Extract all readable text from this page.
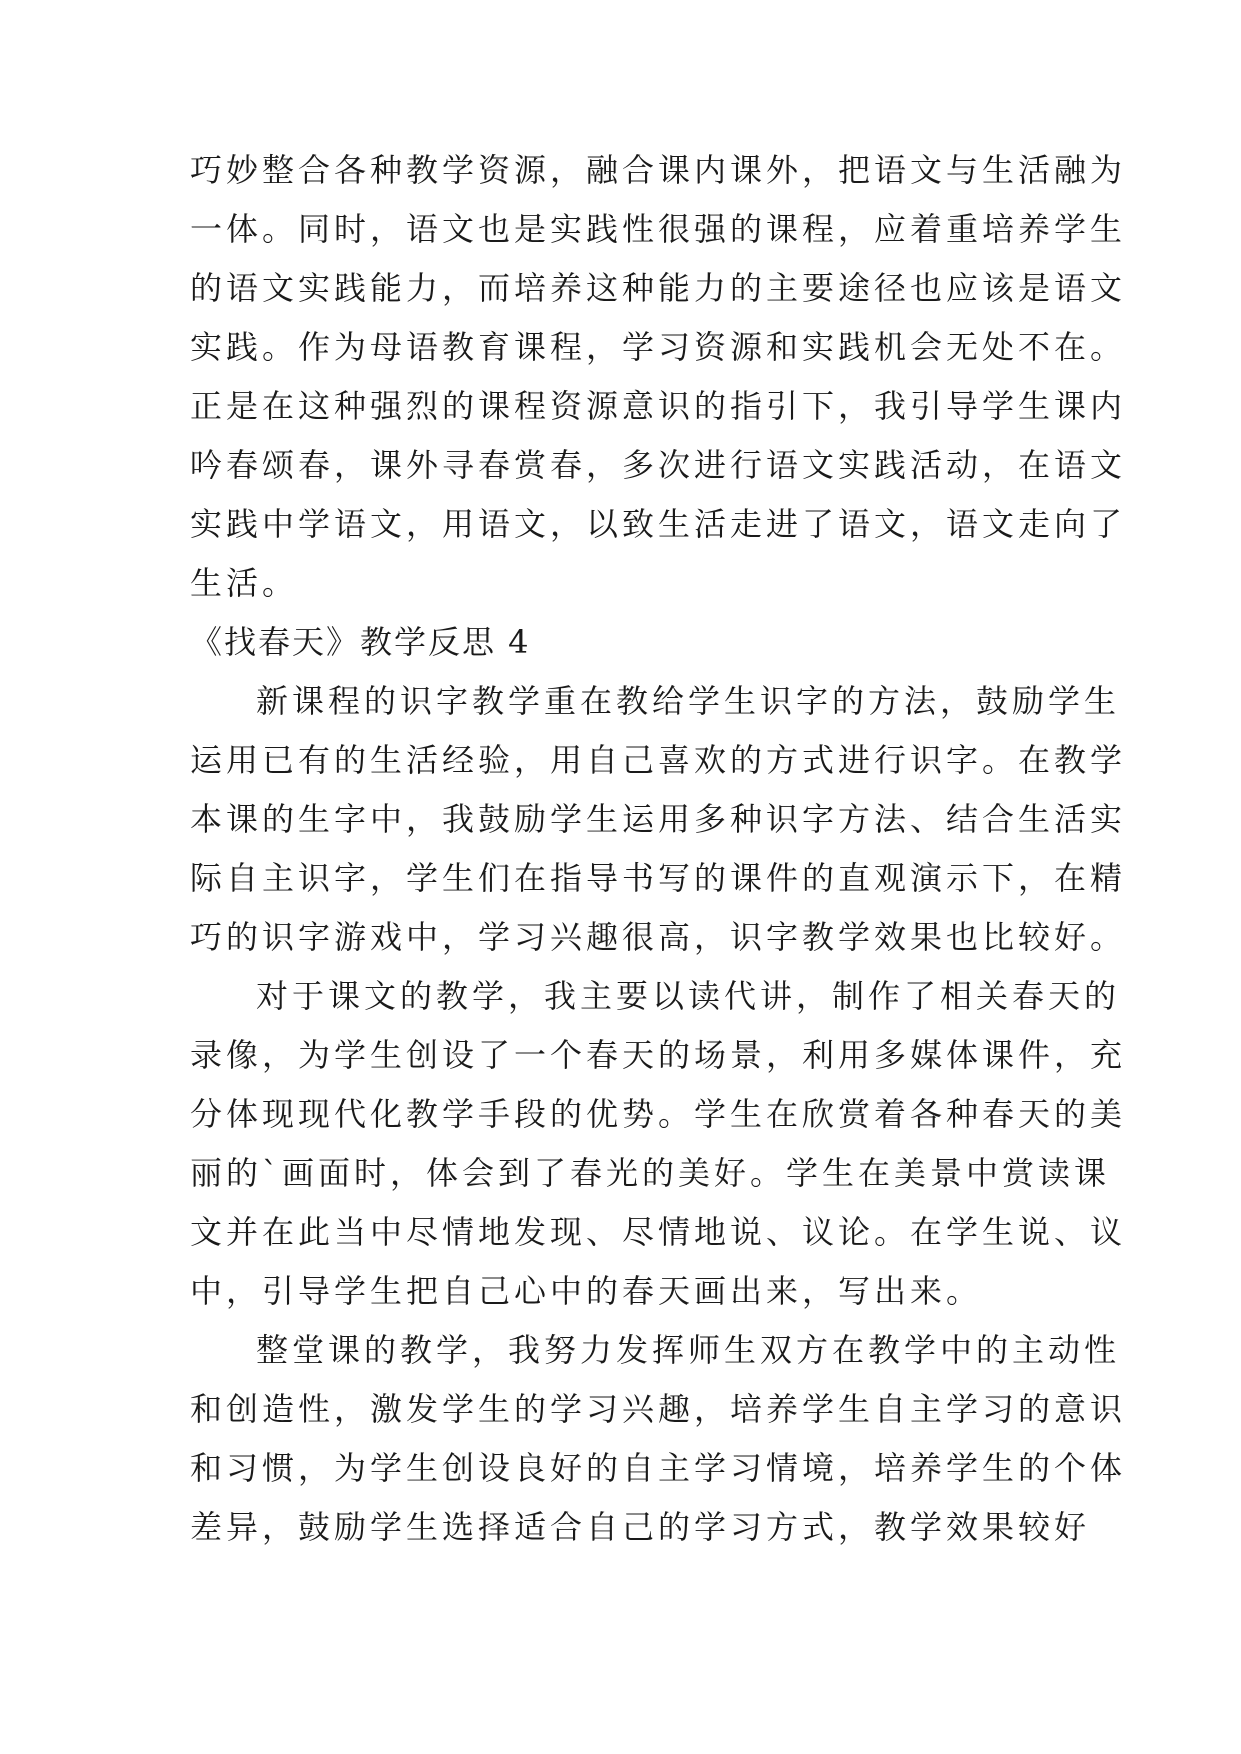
巧妙整合各种教学资源，融合课内课外，把语文与生活融为

一体。同时，语文也是实践性很强的课程，应着重培养学生

的语文实践能力，而培养这种能力的主要途径也应该是语文

实践。作为母语教育课程，学习资源和实践机会无处不在。

正是在这种强烈的课程资源意识的指引下，我引导学生课内

吟春颂春，课外寻春赏春，多次进行语文实践活动，在语文

实践中学语文，用语文，以致生活走进了语文，语文走向了

生活。

《找春天》教学反思 4

新课程的识字教学重在教给学生识字的方法，鼓励学生

运用已有的生活经验，用自己喜欢的方式进行识字。在教学

本课的生字中，我鼓励学生运用多种识字方法、结合生活实

际自主识字，学生们在指导书写的课件的直观演示下，在精

巧的识字游戏中，学习兴趣很高，识字教学效果也比较好。

对于课文的教学，我主要以读代讲，制作了相关春天的

录像，为学生创设了一个春天的场景，利用多媒体课件，充

分体现现代化教学手段的优势。学生在欣赏着各种春天的美

丽的`画面时，体会到了春光的美好。学生在美景中赏读课

文并在此当中尽情地发现、尽情地说、议论。在学生说、议

中，引导学生把自己心中的春天画出来，写出来。

整堂课的教学，我努力发挥师生双方在教学中的主动性

和创造性，激发学生的学习兴趣，培养学生自主学习的意识

和习惯，为学生创设良好的自主学习情境，培养学生的个体

差异，鼓励学生选择适合自己的学习方式，教学效果较好
